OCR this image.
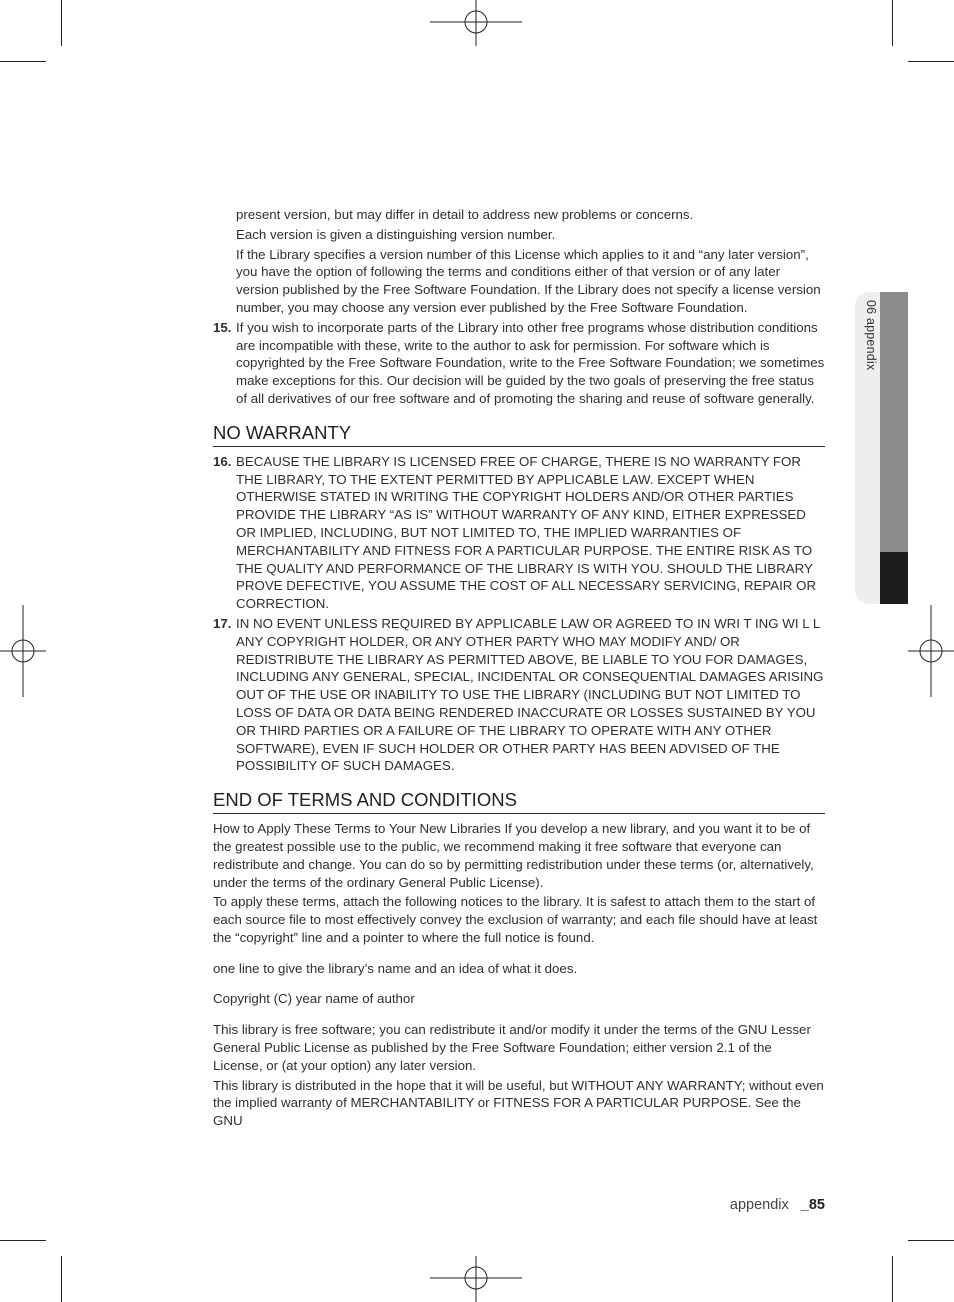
06 appendix

present version, but may differ in detail to address new problems or concerns.

Each version is given a distinguishing version number.

If the Library specifies a version number of this License which applies to it and “any later version”, you have the option of following the terms and conditions either of that version or of any later version published by the Free Software Foundation. If the Library does not specify a license version number, you may choose any version ever published by the Free Software Foundation.

15. If you wish to incorporate parts of the Library into other free programs whose distribution conditions are incompatible with these, write to the author to ask for permission. For software which is copyrighted by the Free Software Foundation, write to the Free Software Foundation; we sometimes make exceptions for this. Our decision will be guided by the two goals of preserving the free status of all derivatives of our free software and of promoting the sharing and reuse of software generally.
NO WARRANTY
16. BECAUSE THE LIBRARY IS LICENSED FREE OF CHARGE, THERE IS NO WARRANTY FOR THE LIBRARY, TO THE EXTENT PERMITTED BY APPLICABLE LAW. EXCEPT WHEN OTHERWISE STATED IN WRITING THE COPYRIGHT HOLDERS AND/OR OTHER PARTIES PROVIDE THE LIBRARY “AS IS” WITHOUT WARRANTY OF ANY KIND, EITHER EXPRESSED OR IMPLIED, INCLUDING, BUT NOT LIMITED TO, THE IMPLIED WARRANTIES OF MERCHANTABILITY AND FITNESS FOR A PARTICULAR PURPOSE. THE ENTIRE RISK AS TO THE QUALITY AND PERFORMANCE OF THE LIBRARY IS WITH YOU. SHOULD THE LIBRARY PROVE DEFECTIVE, YOU ASSUME THE COST OF ALL NECESSARY SERVICING, REPAIR OR CORRECTION.
17. IN NO EVENT UNLESS REQUIRED BY APPLICABLE LAW OR AGREED TO IN WRI T ING WI L L ANY COPYRIGHT HOLDER, OR ANY OTHER PARTY WHO MAY MODIFY AND/ OR REDISTRIBUTE THE LIBRARY AS PERMITTED ABOVE, BE LIABLE TO YOU FOR DAMAGES, INCLUDING ANY GENERAL, SPECIAL, INCIDENTAL OR CONSEQUENTIAL DAMAGES ARISING OUT OF THE USE OR INABILITY TO USE THE LIBRARY (INCLUDING BUT NOT LIMITED TO LOSS OF DATA OR DATA BEING RENDERED INACCURATE OR LOSSES SUSTAINED BY YOU OR THIRD PARTIES OR A FAILURE OF THE LIBRARY TO OPERATE WITH ANY OTHER SOFTWARE), EVEN IF SUCH HOLDER OR OTHER PARTY HAS BEEN ADVISED OF THE POSSIBILITY OF SUCH DAMAGES.
END OF TERMS AND CONDITIONS

How to Apply These Terms to Your New Libraries If you develop a new library, and you want it to be of the greatest possible use to the public, we recommend making it free software that everyone can redistribute and change. You can do so by permitting redistribution under these terms (or, alternatively, under the terms of the ordinary General Public License).

To apply these terms, attach the following notices to the library. It is safest to attach them to the start of each source file to most effectively convey the exclusion of warranty; and each file should have at least the “copyright” line and a pointer to where the full notice is found.

one line to give the library’s name and an idea of what it does.

Copyright (C) year name of author

This library is free software; you can redistribute it and/or modify it under the terms of the GNU Lesser General Public License as published by the Free Software Foundation; either version 2.1 of the License, or (at your option) any later version.

This library is distributed in the hope that it will be useful, but WITHOUT ANY WARRANTY; without even the implied warranty of MERCHANTABILITY or FITNESS FOR A PARTICULAR PURPOSE. See the GNU

appendix _85
